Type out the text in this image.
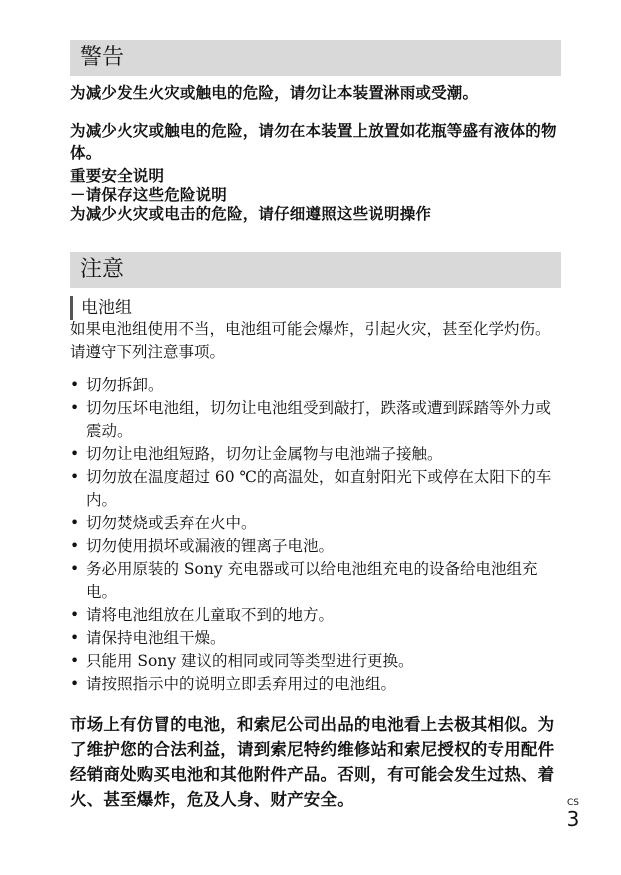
警告
为减少发生火灾或触电的危险，请勿让本装置淋雨或受潮。
为减少火灾或触电的危险，请勿在本装置上放置如花瓶等盛有液体的物体。
重要安全说明
－请保存这些危险说明
为减少火灾或电击的危险，请仔细遵照这些说明操作
注意
电池组
如果电池组使用不当，电池组可能会爆炸，引起火灾，甚至化学灼伤。请遵守下列注意事项。
• 切勿拆卸。
• 切勿压坏电池组，切勿让电池组受到敲打，跌落或遭到踩踏等外力或震动。
• 切勿让电池组短路，切勿让金属物与电池端子接触。
• 切勿放在温度超过 60 ℃的高温处，如直射阳光下或停在太阳下的车内。
• 切勿焚烧或丢弃在火中。
• 切勿使用损坏或漏液的锂离子电池。
• 务必用原装的 Sony 充电器或可以给电池组充电的设备给电池组充电。
• 请将电池组放在儿童取不到的地方。
• 请保持电池组干燥。
• 只能用 Sony 建议的相同或同等类型进行更换。
• 请按照指示中的说明立即丢弃用过的电池组。
市场上有仿冒的电池，和索尼公司出品的电池看上去极其相似。为了维护您的合法利益，请到索尼特约维修站和索尼授权的专用配件经销商处购买电池和其他附件产品。否则，有可能会发生过热、着火、甚至爆炸，危及人身、财产安全。	CS
3
